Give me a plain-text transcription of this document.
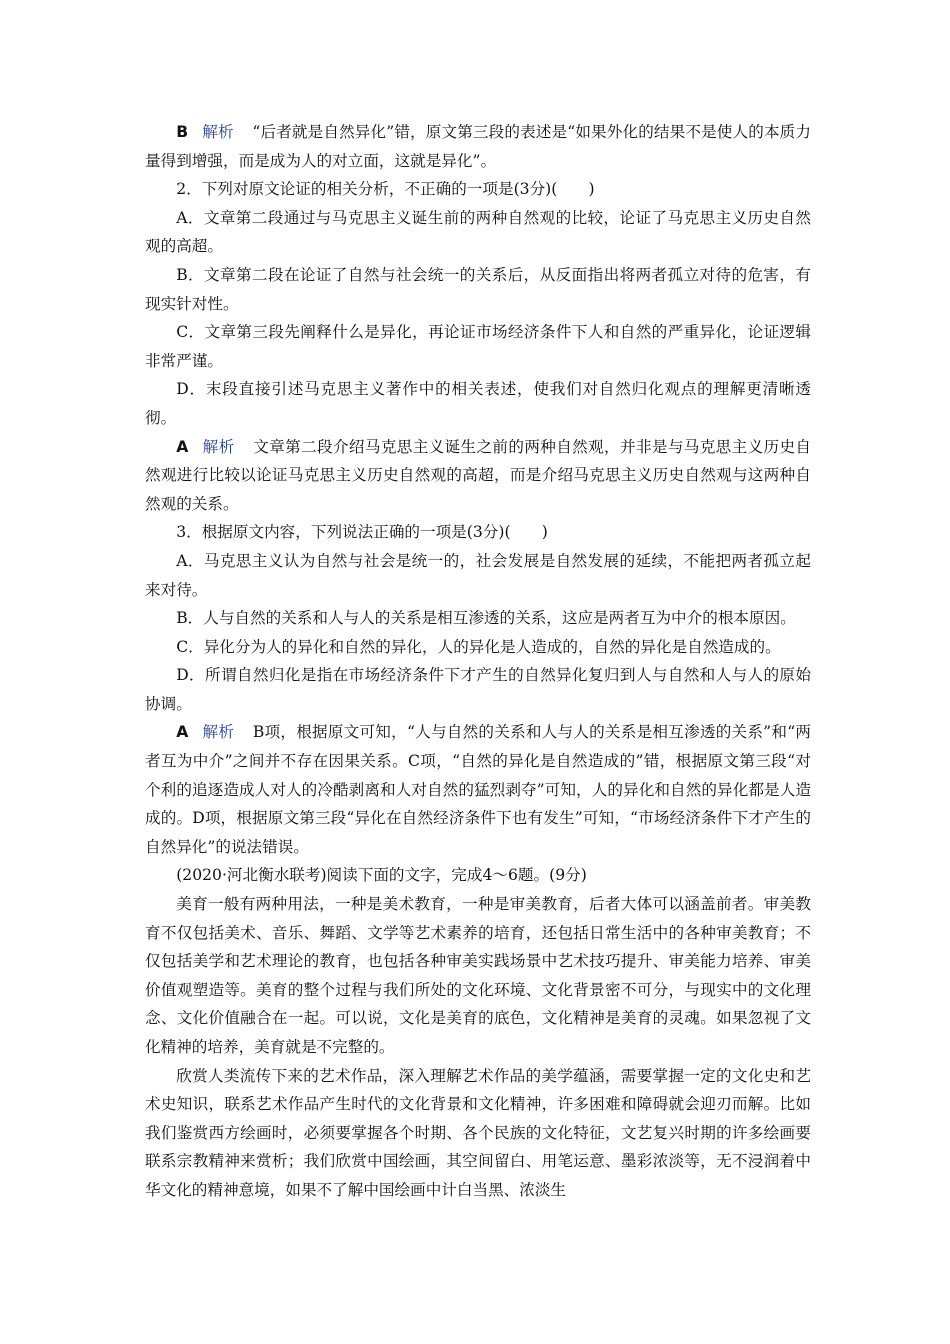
B 解析 “后者就是自然异化”错，原文第三段的表述是“如果外化的结果不是使人的本质力量得到增强，而是成为人的对立面，这就是异化”。

2．下列对原文论证的相关分析，不正确的一项是(3分)(　　)

A．文章第二段通过与马克思主义诞生前的两种自然观的比较，论证了马克思主义历史自然观的高超。

B．文章第二段在论证了自然与社会统一的关系后，从反面指出将两者孤立对待的危害，有现实针对性。

C．文章第三段先阐释什么是异化，再论证市场经济条件下人和自然的严重异化，论证逻辑非常严谨。

D．末段直接引述马克思主义著作中的相关表述，使我们对自然归化观点的理解更清晰透彻。

A 解析 文章第二段介绍马克思主义诞生之前的两种自然观，并非是与马克思主义历史自然观进行比较以论证马克思主义历史自然观的高超，而是介绍马克思主义历史自然观与这两种自然观的关系。

3．根据原文内容，下列说法正确的一项是(3分)(　　)

A．马克思主义认为自然与社会是统一的，社会发展是自然发展的延续，不能把两者孤立起来对待。

B．人与自然的关系和人与人的关系是相互渗透的关系，这应是两者互为中介的根本原因。

C．异化分为人的异化和自然的异化，人的异化是人造成的，自然的异化是自然造成的。

D．所谓自然归化是指在市场经济条件下才产生的自然异化复归到人与自然和人与人的原始协调。

A 解析 B项，根据原文可知，“人与自然的关系和人与人的关系是相互渗透的关系”和“两者互为中介”之间并不存在因果关系。C项，“自然的异化是自然造成的”错，根据原文第三段“对个利的追逐造成人对人的冷酷剥离和人对自然的猛烈剥夺”可知，人的异化和自然的异化都是人造成的。D项，根据原文第三段“异化在自然经济条件下也有发生”可知，“市场经济条件下才产生的自然异化”的说法错误。

(2020·河北衡水联考)阅读下面的文字，完成4～6题。(9分)

美育一般有两种用法，一种是美术教育，一种是审美教育，后者大体可以涵盖前者。审美教育不仅包括美术、音乐、舞蹈、文学等艺术素养的培育，还包括日常生活中的各种审美教育；不仅包括美学和艺术理论的教育，也包括各种审美实践场景中艺术技巧提升、审美能力培养、审美价值观塑造等。美育的整个过程与我们所处的文化环境、文化背景密不可分，与现实中的文化理念、文化价值融合在一起。可以说，文化是美育的底色，文化精神是美育的灵魂。如果忽视了文化精神的培养，美育就是不完整的。

欣赏人类流传下来的艺术作品，深入理解艺术作品的美学蕴涵，需要掌握一定的文化史和艺术史知识，联系艺术作品产生时代的文化背景和文化精神，许多困难和障碍就会迎刃而解。比如我们鉴赏西方绘画时，必须要掌握各个时期、各个民族的文化特征，文艺复兴时期的许多绘画要联系宗教精神来赏析；我们欣赏中国绘画，其空间留白、用笔运意、墨彩浓淡等，无不浸润着中华文化的精神意境，如果不了解中国绘画中计白当黑、浓淡生
